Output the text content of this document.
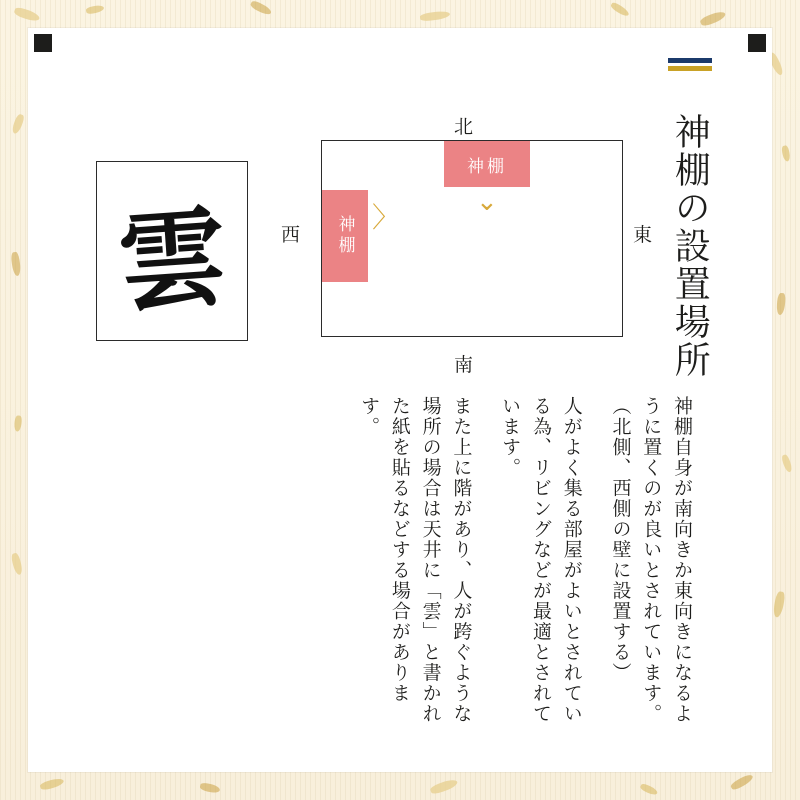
神棚の設置場所
雲
北
南
西	東
神棚
神棚
⌄
〉
神棚自身が南向きか東向きになるように置くのが良いとされています。（北側、西側の壁に設置する）
人がよく集る部屋がよいとされている為、リビングなどが最適とされています。
また上に階があり、人が跨ぐような場所の場合は天井に「雲」と書かれた紙を貼るなどする場合があります。
